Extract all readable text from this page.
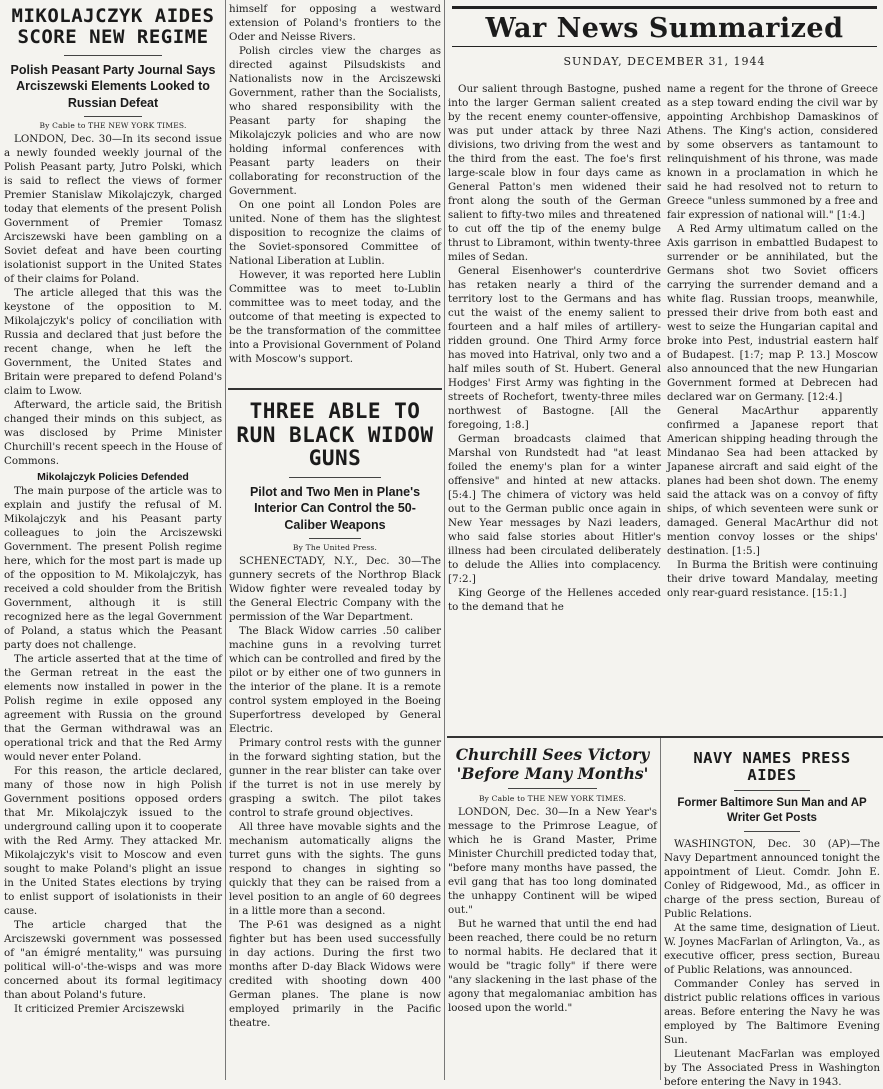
MIKOLAJCZYK AIDES SCORE NEW REGIME
Polish Peasant Party Journal Says Arciszewski Elements Looked to Russian Defeat
By Cable to THE NEW YORK TIMES.

LONDON, Dec. 30—In its second issue a newly founded weekly journal of the Polish Peasant party, Jutro Polski, which is said to reflect the views of former Premier Stanislaw Mikolajczyk, charged today that elements of the present Polish Government of Premier Tomasz Arciszewski have been gambling on a Soviet defeat and have been courting isolationist support in the United States of their claims for Poland.

The article alleged that this was the keystone of the opposition to M. Mikolajczyk's policy of conciliation with Russia and declared that just before the recent change, when he left the Government, the United States and Britain were prepared to defend Poland's claim to Lwow.

Afterward, the article said, the British changed their minds on this subject, as was disclosed by Prime Minister Churchill's recent speech in the House of Commons.

Mikolajczyk Policies Defended

The main purpose of the article was to explain and justify the refusal of M. Mikolajczyk and his Peasant party colleagues to join the Arciszewski Government. The present Polish regime here, which for the most part is made up of the opposition to M. Mikolajczyk, has received a cold shoulder from the British Government, although it is still recognized here as the legal Government of Poland, a status which the Peasant party does not challenge.

The article asserted that at the time of the German retreat in the east the elements now installed in power in the Polish regime in exile opposed any agreement with Russia on the ground that the German withdrawal was an operational trick and that the Red Army would never enter Poland.

For this reason, the article declared, many of those now in high Polish Government positions opposed orders that Mr. Mikolajczyk issued to the underground calling upon it to cooperate with the Red Army. They attacked Mr. Mikolajczyk's visit to Moscow and even sought to make Poland's plight an issue in the United States elections by trying to enlist support of isolationists in their cause.

The article charged that the Arciszewski government was possessed of "an émigré mentality," was pursuing political will-o'-the-wisps and was more concerned about its formal legitimacy than about Poland's future.

It criticized Premier Arciszewski

himself for opposing a westward extension of Poland's frontiers to the Oder and Neisse Rivers.

Polish circles view the charges as directed against Pilsudskists and Nationalists now in the Arciszewski Government, rather than the Socialists, who shared responsibility with the Peasant party for shaping the Mikolajczyk policies and who are now holding informal conferences with Peasant party leaders on their collaborating for reconstruction of the Government.

On one point all London Poles are united. None of them has the slightest disposition to recognize the claims of the Soviet-sponsored Committee of National Liberation at Lublin.

However, it was reported here Lublin Committee was to meet to-Lublin committee was to meet today, and the outcome of that meeting is expected to be the transformation of the committee into a Provisional Government of Poland with Moscow's support.

THREE ABLE TO RUN BLACK WIDOW GUNS
Pilot and Two Men in Plane's Interior Can Control the 50-Caliber Weapons
By The United Press.

SCHENECTADY, N.Y., Dec. 30—The gunnery secrets of the Northrop Black Widow fighter were revealed today by the General Electric Company with the permission of the War Department.

The Black Widow carries .50 caliber machine guns in a revolving turret which can be controlled and fired by the pilot or by either one of two gunners in the interior of the plane. It is a remote control system employed in the Boeing Superfortress developed by General Electric.

Primary control rests with the gunner in the forward sighting station, but the gunner in the rear blister can take over if the turret is not in use merely by grasping a switch. The pilot takes control to strafe ground objectives.

All three have movable sights and the mechanism automatically aligns the turret guns with the sights. The guns respond to changes in sighting so quickly that they can be raised from a level position to an angle of 60 degrees in a little more than a second.

The P-61 was designed as a night fighter but has been used successfully in day actions. During the first two months after D-day Black Widows were credited with shooting down 400 German planes. The plane is now employed primarily in the Pacific theatre.

War News Summarized
SUNDAY, DECEMBER 31, 1944

Our salient through Bastogne, pushed into the larger German salient created by the recent enemy counter-offensive, was put under attack by three Nazi divisions, two driving from the west and the third from the east. The foe's first large-scale blow in four days came as General Patton's men widened their front along the south of the German salient to fifty-two miles and threatened to cut off the tip of the enemy bulge thrust to Libramont, within twenty-three miles of Sedan.

General Eisenhower's counterdrive has retaken nearly a third of the territory lost to the Germans and has cut the waist of the enemy salient to fourteen and a half miles of artillery-ridden ground. One Third Army force has moved into Hatrival, only two and a half miles south of St. Hubert. General Hodges' First Army was fighting in the streets of Rochefort, twenty-three miles northwest of Bastogne. [All the foregoing, 1:8.]

German broadcasts claimed that Marshal von Rundstedt had "at least foiled the enemy's plan for a winter offensive" and hinted at new attacks. [5:4.] The chimera of victory was held out to the German public once again in New Year messages by Nazi leaders, who said false stories about Hitler's illness had been circulated deliberately to delude the Allies into complacency. [7:2.]

King George of the Hellenes acceded to the demand that he

name a regent for the throne of Greece as a step toward ending the civil war by appointing Archbishop Damaskinos of Athens. The King's action, considered by some observers as tantamount to relinquishment of his throne, was made known in a proclamation in which he said he had resolved not to return to Greece "unless summoned by a free and fair expression of national will." [1:4.]

A Red Army ultimatum called on the Axis garrison in embattled Budapest to surrender or be annihilated, but the Germans shot two Soviet officers carrying the surrender demand and a white flag. Russian troops, meanwhile, pressed their drive from both east and west to seize the Hungarian capital and broke into Pest, industrial eastern half of Budapest. [1:7; map P. 13.] Moscow also announced that the new Hungarian Government formed at Debrecen had declared war on Germany. [12:4.]

General MacArthur apparently confirmed a Japanese report that American shipping heading through the Mindanao Sea had been attacked by Japanese aircraft and said eight of the planes had been shot down. The enemy said the attack was on a convoy of fifty ships, of which seventeen were sunk or damaged. General MacArthur did not mention convoy losses or the ships' destination. [1:5.]

In Burma the British were continuing their drive toward Mandalay, meeting only rear-guard resistance. [15:1.]

Churchill Sees Victory 'Before Many Months'
By Cable to THE NEW YORK TIMES.

LONDON, Dec. 30—In a New Year's message to the Primrose League, of which he is Grand Master, Prime Minister Churchill predicted today that, "before many months have passed, the evil gang that has too long dominated the unhappy Continent will be wiped out."

But he warned that until the end had been reached, there could be no return to normal habits. He declared that it would be "tragic folly" if there were "any slackening in the last phase of the agony that megalomaniac ambition has loosed upon the world."

NAVY NAMES PRESS AIDES
Former Baltimore Sun Man and AP Writer Get Posts

WASHINGTON, Dec. 30 (AP)—The Navy Department announced tonight the appointment of Lieut. Comdr. John E. Conley of Ridgewood, Md., as officer in charge of the press section, Bureau of Public Relations.

At the same time, designation of Lieut. W. Joynes MacFarlan of Arlington, Va., as executive officer, press section, Bureau of Public Relations, was announced.

Commander Conley has served in district public relations offices in various areas. Before entering the Navy he was employed by The Baltimore Evening Sun.

Lieutenant MacFarlan was employed by The Associated Press in Washington before entering the Navy in 1943.
